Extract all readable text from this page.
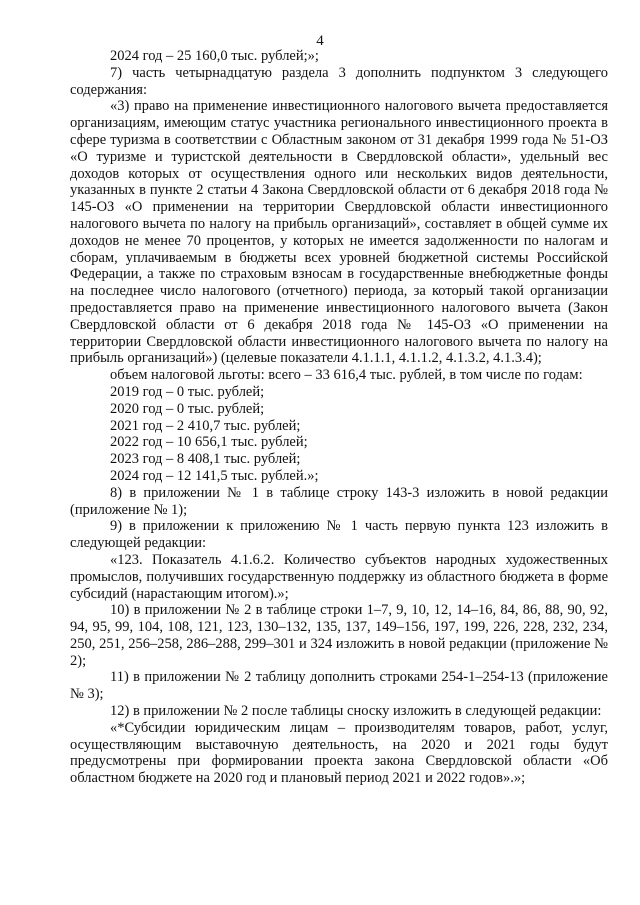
4

2024 год – 25 160,0 тыс. рублей;»;

7) часть четырнадцатую раздела 3 дополнить подпунктом 3 следующего содержания:

«3) право на применение инвестиционного налогового вычета предоставляется организациям, имеющим статус участника регионального инвестиционного проекта в сфере туризма в соответствии с Областным законом от 31 декабря 1999 года № 51-ОЗ «О туризме и туристской деятельности в Свердловской области», удельный вес доходов которых от осуществления одного или нескольких видов деятельности, указанных в пункте 2 статьи 4 Закона Свердловской области от 6 декабря 2018 года № 145-ОЗ «О применении на территории Свердловской области инвестиционного налогового вычета по налогу на прибыль организаций», составляет в общей сумме их доходов не менее 70 процентов, у которых не имеется задолженности по налогам и сборам, уплачиваемым в бюджеты всех уровней бюджетной системы Российской Федерации, а также по страховым взносам в государственные внебюджетные фонды на последнее число налогового (отчетного) периода, за который такой организации предоставляется право на применение инвестиционного налогового вычета (Закон Свердловской области от 6 декабря 2018 года № 145-ОЗ «О применении на территории Свердловской области инвестиционного налогового вычета по налогу на прибыль организаций») (целевые показатели 4.1.1.1, 4.1.1.2, 4.1.3.2, 4.1.3.4);

объем налоговой льготы: всего – 33 616,4 тыс. рублей, в том числе по годам:

2019 год – 0 тыс. рублей;

2020 год – 0 тыс. рублей;

2021 год – 2 410,7 тыс. рублей;

2022 год – 10 656,1 тыс. рублей;

2023 год – 8 408,1 тыс. рублей;

2024 год – 12 141,5 тыс. рублей.»;

8) в приложении № 1 в таблице строку 143-3 изложить в новой редакции (приложение № 1);

9) в приложении к приложению № 1 часть первую пункта 123 изложить в следующей редакции:

«123. Показатель 4.1.6.2. Количество субъектов народных художественных промыслов, получивших государственную поддержку из областного бюджета в форме субсидий (нарастающим итогом).»;

10) в приложении № 2 в таблице строки 1–7, 9, 10, 12, 14–16, 84, 86, 88, 90, 92, 94, 95, 99, 104, 108, 121, 123, 130–132, 135, 137, 149–156, 197, 199, 226, 228, 232, 234, 250, 251, 256–258, 286–288, 299–301 и 324 изложить в новой редакции (приложение № 2);

11) в приложении № 2 таблицу дополнить строками 254-1–254-13 (приложение № 3);

12) в приложении № 2 после таблицы сноску изложить в следующей редакции:

«*Субсидии юридическим лицам – производителям товаров, работ, услуг, осуществляющим выставочную деятельность, на 2020 и 2021 годы будут предусмотрены при формировании проекта закона Свердловской области «Об областном бюджете на 2020 год и плановый период 2021 и 2022 годов».»;
